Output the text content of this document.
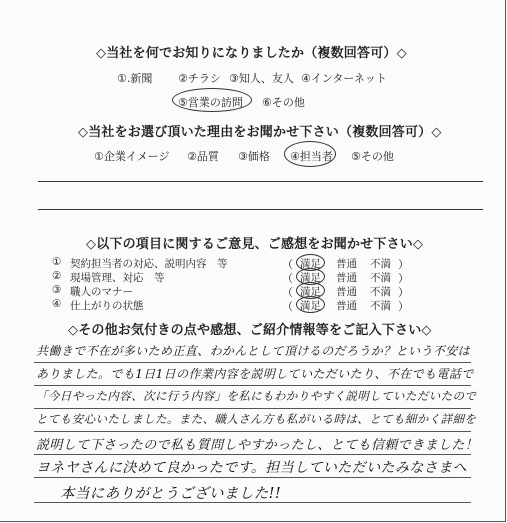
◇当社を何でお知りになりましたか（複数回答可）◇
①.新聞 ②チラシ ③知人、友人 ④インターネット
⑤営業の訪問 ⑥その他
◇当社をお選び頂いた理由をお聞かせ下さい（複数回答可）◇
①企業イメージ ②品質 ③価格 ④担当者 ⑤その他
◇以下の項目に関するご意見、ご感想をお聞かせ下さい◇
① 契約担当者の対応、説明内容　等	（ 満足 普通 不満 ）
② 現場管理、対応　等	（ 満足 普通 不満 ）
③ 職人のマナー	（ 満足 普通 不満 ）
④ 仕上がりの状態	（ 満足 普通 不満 ）
◇その他お気付きの点や感想、ご紹介情報等をご記入下さい◇
共働きで不在が多いため正直、わかんとして頂けるのだろうか？という不安は
ありました。でも1日1日の作業内容を説明していただいたり、不在でも電話で
「今日やった内容、次に行う内容」を私にもわかりやすく説明していただいたので
とても安心いたしました。また、職人さん方も私がいる時は、とても細かく詳細を
説明して下さったので私も質問しやすかったし、とても信頼できました！
ヨネヤさんに決めて良かったです。担当していただいたみなさまへ
本当にありがとうございました!!
